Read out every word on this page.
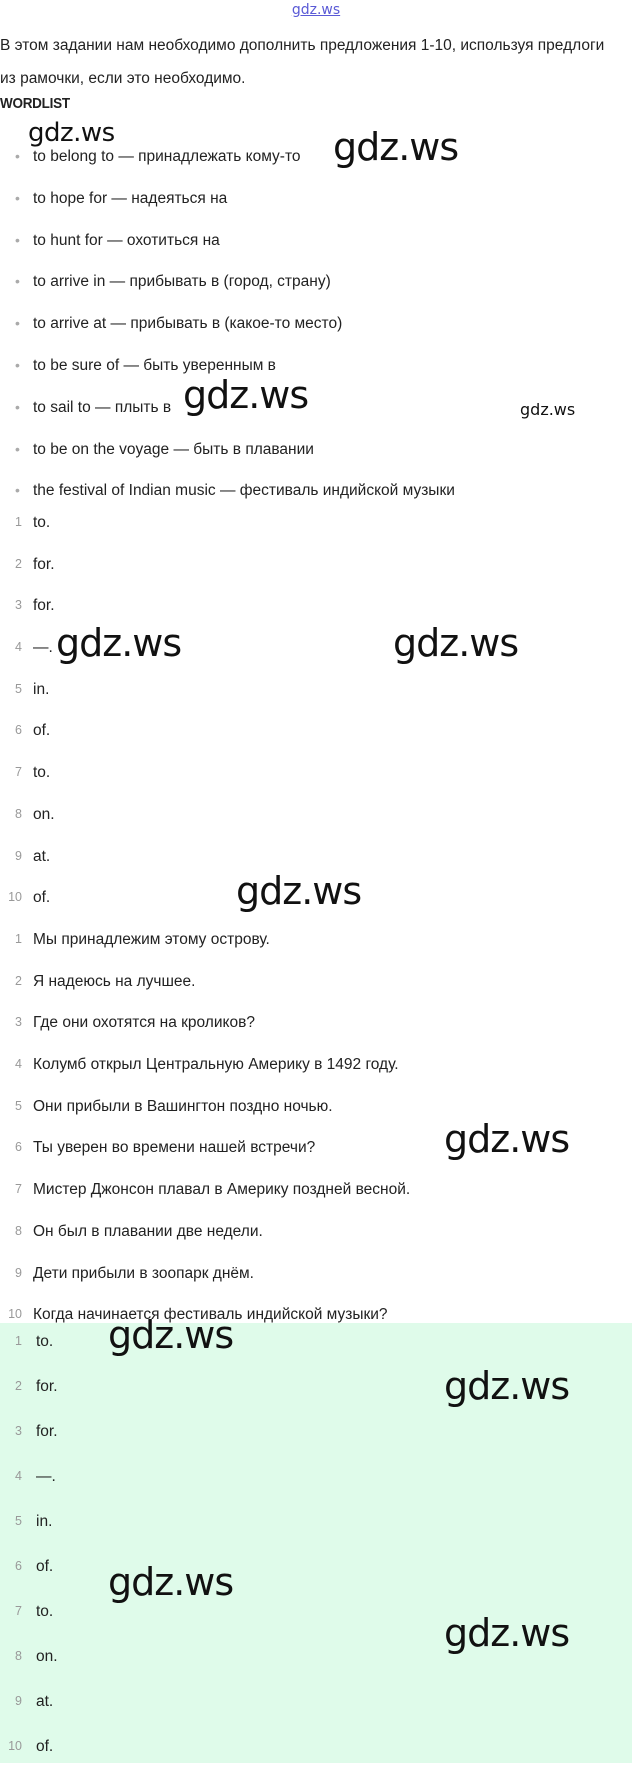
gdz.ws
В этом задании нам необходимо дополнить предложения 1-10, используя предлоги из рамочки, если это необходимо.
WORDLIST
• to belong to — принадлежать кому-то
• to hope for — надеяться на
• to hunt for — охотиться на
• to arrive in — прибывать в (город, страну)
• to arrive at — прибывать в (какое-то место)
• to be sure of — быть уверенным в
• to sail to — плыть в
• to be on the voyage — быть в плавании
• the festival of Indian music — фестиваль индийской музыки
1 to.
2 for.
3 for.
4 —.
5 in.
6 of.
7 to.
8 on.
9 at.
10 of.
1 Мы принадлежим этому острову.
2 Я надеюсь на лучшее.
3 Где они охотятся на кроликов?
4 Колумб открыл Центральную Америку в 1492 году.
5 Они прибыли в Вашингтон поздно ночью.
6 Ты уверен во времени нашей встречи?
7 Мистер Джонсон плавал в Америку поздней весной.
8 Он был в плавании две недели.
9 Дети прибыли в зоопарк днём.
10 Когда начинается фестиваль индийской музыки?
1 to.
2 for.
3 for.
4 —.
5 in.
6 of.
7 to.
8 on.
9 at.
10 of.
gdz.ws	gdz.ws
gdz.ws	gdz.ws
gdz.ws	gdz.ws
gdz.ws
gdz.ws
gdz.ws
gdz.ws
gdz.ws
gdz.ws
